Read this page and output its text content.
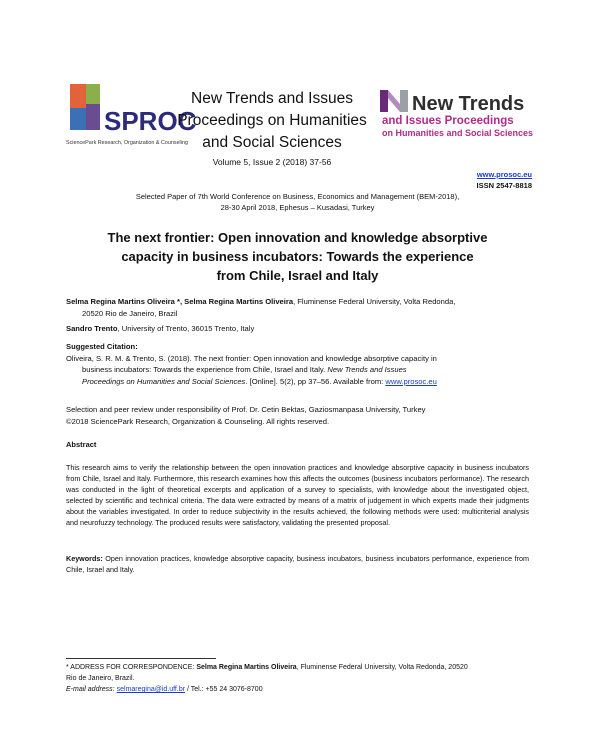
SPROC
SciencePark Research, Organization & Counseling
New Trends and Issues
Proceedings on Humanities
and Social Sciences
Volume 5, Issue 2 (2018) 37-56
New Trends
and Issues Proceedings
on Humanities and Social Sciences
www.prosoc.eu
ISSN 2547-8818
Selected Paper of 7th World Conference on Business, Economics and Management (BEM-2018),
28-30 April 2018, Ephesus – Kusadasi, Turkey
The next frontier: Open innovation and knowledge absorptive
capacity in business incubators: Towards the experience
from Chile, Israel and Italy

Selma Regina Martins Oliveira *, Selma Regina Martins Oliveira, Fluminense Federal University, Volta Redonda,
20520 Rio de Janeiro, Brazil

Sandro Trento, University of Trento, 36015 Trento, Italy

Suggested Citation:

Oliveira, S. R. M. & Trento, S. (2018). The next frontier: Open innovation and knowledge absorptive capacity in

business incubators: Towards the experience from Chile, Israel and Italy. New Trends and Issues

Proceedings on Humanities and Social Sciences. [Online]. 5(2), pp 37–56. Available from: www.prosoc.eu

Selection and peer review under responsibility of Prof. Dr. Cetin Bektas, Gaziosmanpasa University, Turkey

©2018 SciencePark Research, Organization & Counseling. All rights reserved.

Abstract
This research aims to verify the relationship between the open innovation practices and knowledge absorptive capacity in business incubators from Chile, Israel and Italy. Furthermore, this research examines how this affects the outcomes (business incubators performance). The research was conducted in the light of theoretical excerpts and application of a survey to specialists, with knowledge about the investigated object, selected by scientific and technical criteria. The data were extracted by means of a matrix of judgement in which experts made their judgments about the variables investigated. In order to reduce subjectivity in the results achieved, the following methods were used: multicriterial analysis and neurofuzzy technology. The produced results were satisfactory, validating the presented proposal.
Keywords: Open innovation practices, knowledge absorptive capacity, business incubators, business incubators performance, experience from Chile, Israel and Italy.

* ADDRESS FOR CORRESPONDENCE: Selma Regina Martins Oliveira, Fluminense Federal University, Volta Redonda, 20520

Rio de Janeiro, Brazil.

E-mail address: selmaregina@id.uff.br / Tel.: +55 24 3076-8700
